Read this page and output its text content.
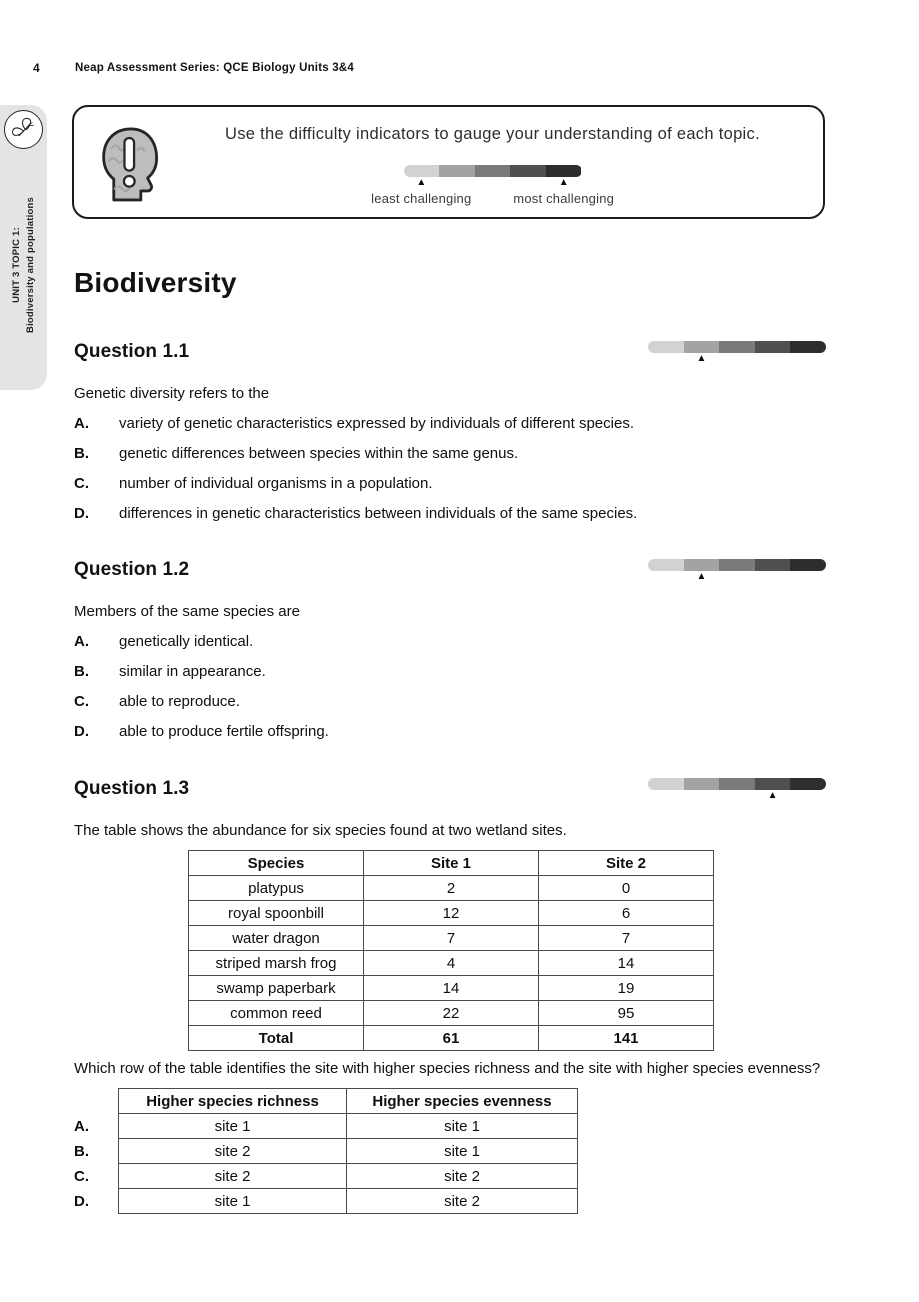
4	Neap Assessment Series: QCE Biology Units 3&4
UNIT 3 TOPIC 1: Biodiversity and populations
Use the difficulty indicators to gauge your understanding of each topic.
▲
least challenging
▲
most challenging
Biodiversity
Question 1.1	▲

Genetic diversity refers to the

A.	variety of genetic characteristics expressed by individuals of different species.
B.	genetic differences between species within the same genus.
C.	number of individual organisms in a population.
D.	differences in genetic characteristics between individuals of the same species.
Question 1.2	▲

Members of the same species are

A.	genetically identical.
B.	similar in appearance.
C.	able to reproduce.
D.	able to produce fertile offspring.
Question 1.3	▲

The table shows the abundance for six species found at two wetland sites.

Species	Site 1	Site 2
platypus	2	0
royal spoonbill	12	6
water dragon	7	7
striped marsh frog	4	14
swamp paperbark	14	19
common reed	22	95
Total	61	141

Which row of the table identifies the site with higher species richness and the site with higher species evenness?

	Higher species richness	Higher species evenness
A.	site 1	site 1
B.	site 2	site 1
C.	site 2	site 2
D.	site 1	site 2
